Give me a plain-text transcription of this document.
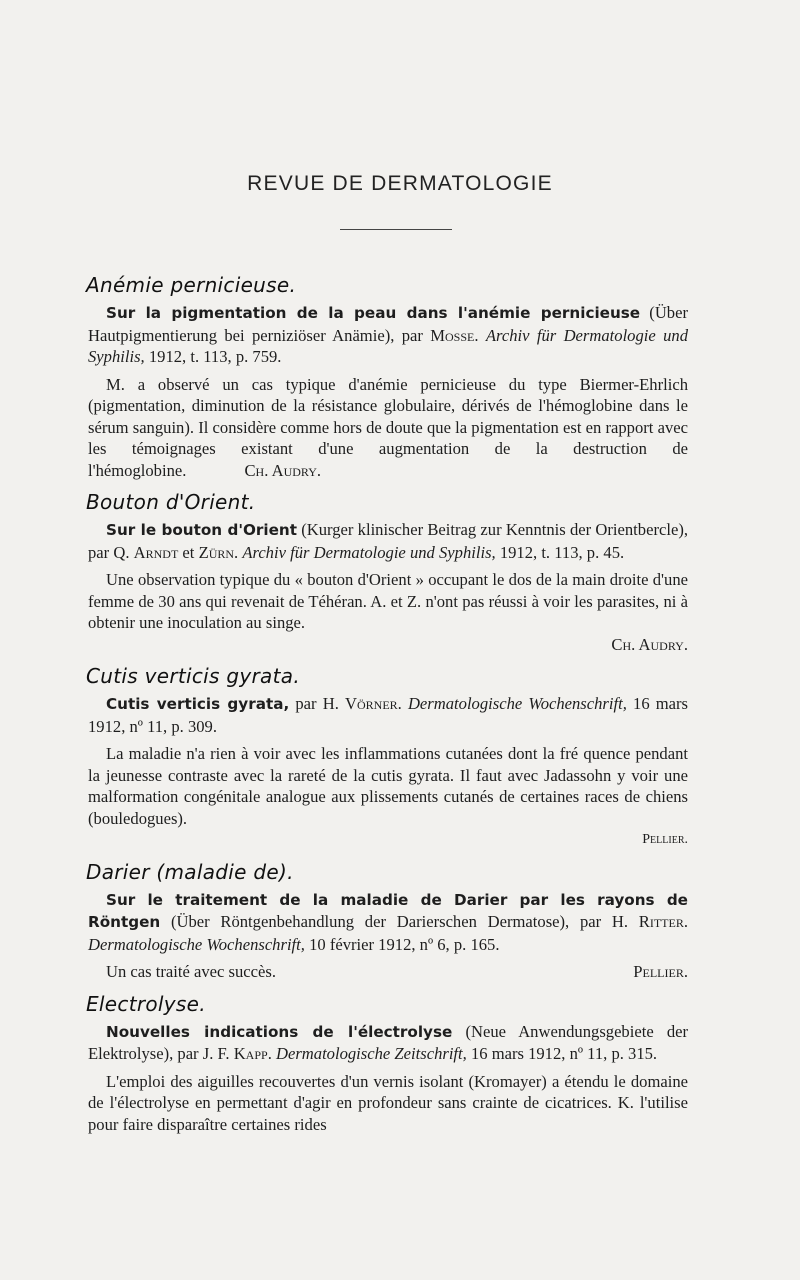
REVUE DE DERMATOLOGIE
Anémie pernicieuse.

Sur la pigmentation de la peau dans l'anémie pernicieuse (Über Hautpigmentierung bei perniziöser Anämie), par Mosse. Archiv für Dermatologie und Syphilis, 1912, t. 113, p. 759.

M. a observé un cas typique d'anémie pernicieuse du type Biermer-Ehrlich (pigmentation, diminution de la résistance globulaire, dérivés de l'hémoglobine dans le sérum sanguin). Il considère comme hors de doute que la pigmentation est en rapport avec les témoignages existant d'une augmentation de la destruction de l'hémoglobine.	Ch. Audry.

Bouton d'Orient.

Sur le bouton d'Orient (Kurger klinischer Beitrag zur Kenntnis der Orientbercle), par Q. Arndt et Zürn. Archiv für Dermatologie und Syphilis, 1912, t. 113, p. 45.

Une observation typique du « bouton d'Orient » occupant le dos de la main droite d'une femme de 30 ans qui revenait de Téhéran. A. et Z. n'ont pas réussi à voir les parasites, ni à obtenir une inoculation au singe.

Ch. Audry.

Cutis verticis gyrata.

Cutis verticis gyrata, par H. Vörner. Dermatologische Wochenschrift, 16 mars 1912, nº 11, p. 309.

La maladie n'a rien à voir avec les inflammations cutanées dont la fré quence pendant la jeunesse contraste avec la rareté de la cutis gyrata. Il faut avec Jadassohn y voir une malformation congénitale analogue aux plissements cutanés de certaines races de chiens (bouledogues).

Pellier.

Darier (maladie de).

Sur le traitement de la maladie de Darier par les rayons de Röntgen (Über Röntgenbehandlung der Darierschen Dermatose), par H. Ritter. Dermatologische Wochenschrift, 10 février 1912, nº 6, p. 165.

Un cas traité avec succès.	Pellier.

Electrolyse.

Nouvelles indications de l'électrolyse (Neue Anwendungsgebiete der Elektrolyse), par J. F. Kapp. Dermatologische Zeitschrift, 16 mars 1912, nº 11, p. 315.

L'emploi des aiguilles recouvertes d'un vernis isolant (Kromayer) a étendu le domaine de l'électrolyse en permettant d'agir en profondeur sans crainte de cicatrices. K. l'utilise pour faire disparaître certaines rides
